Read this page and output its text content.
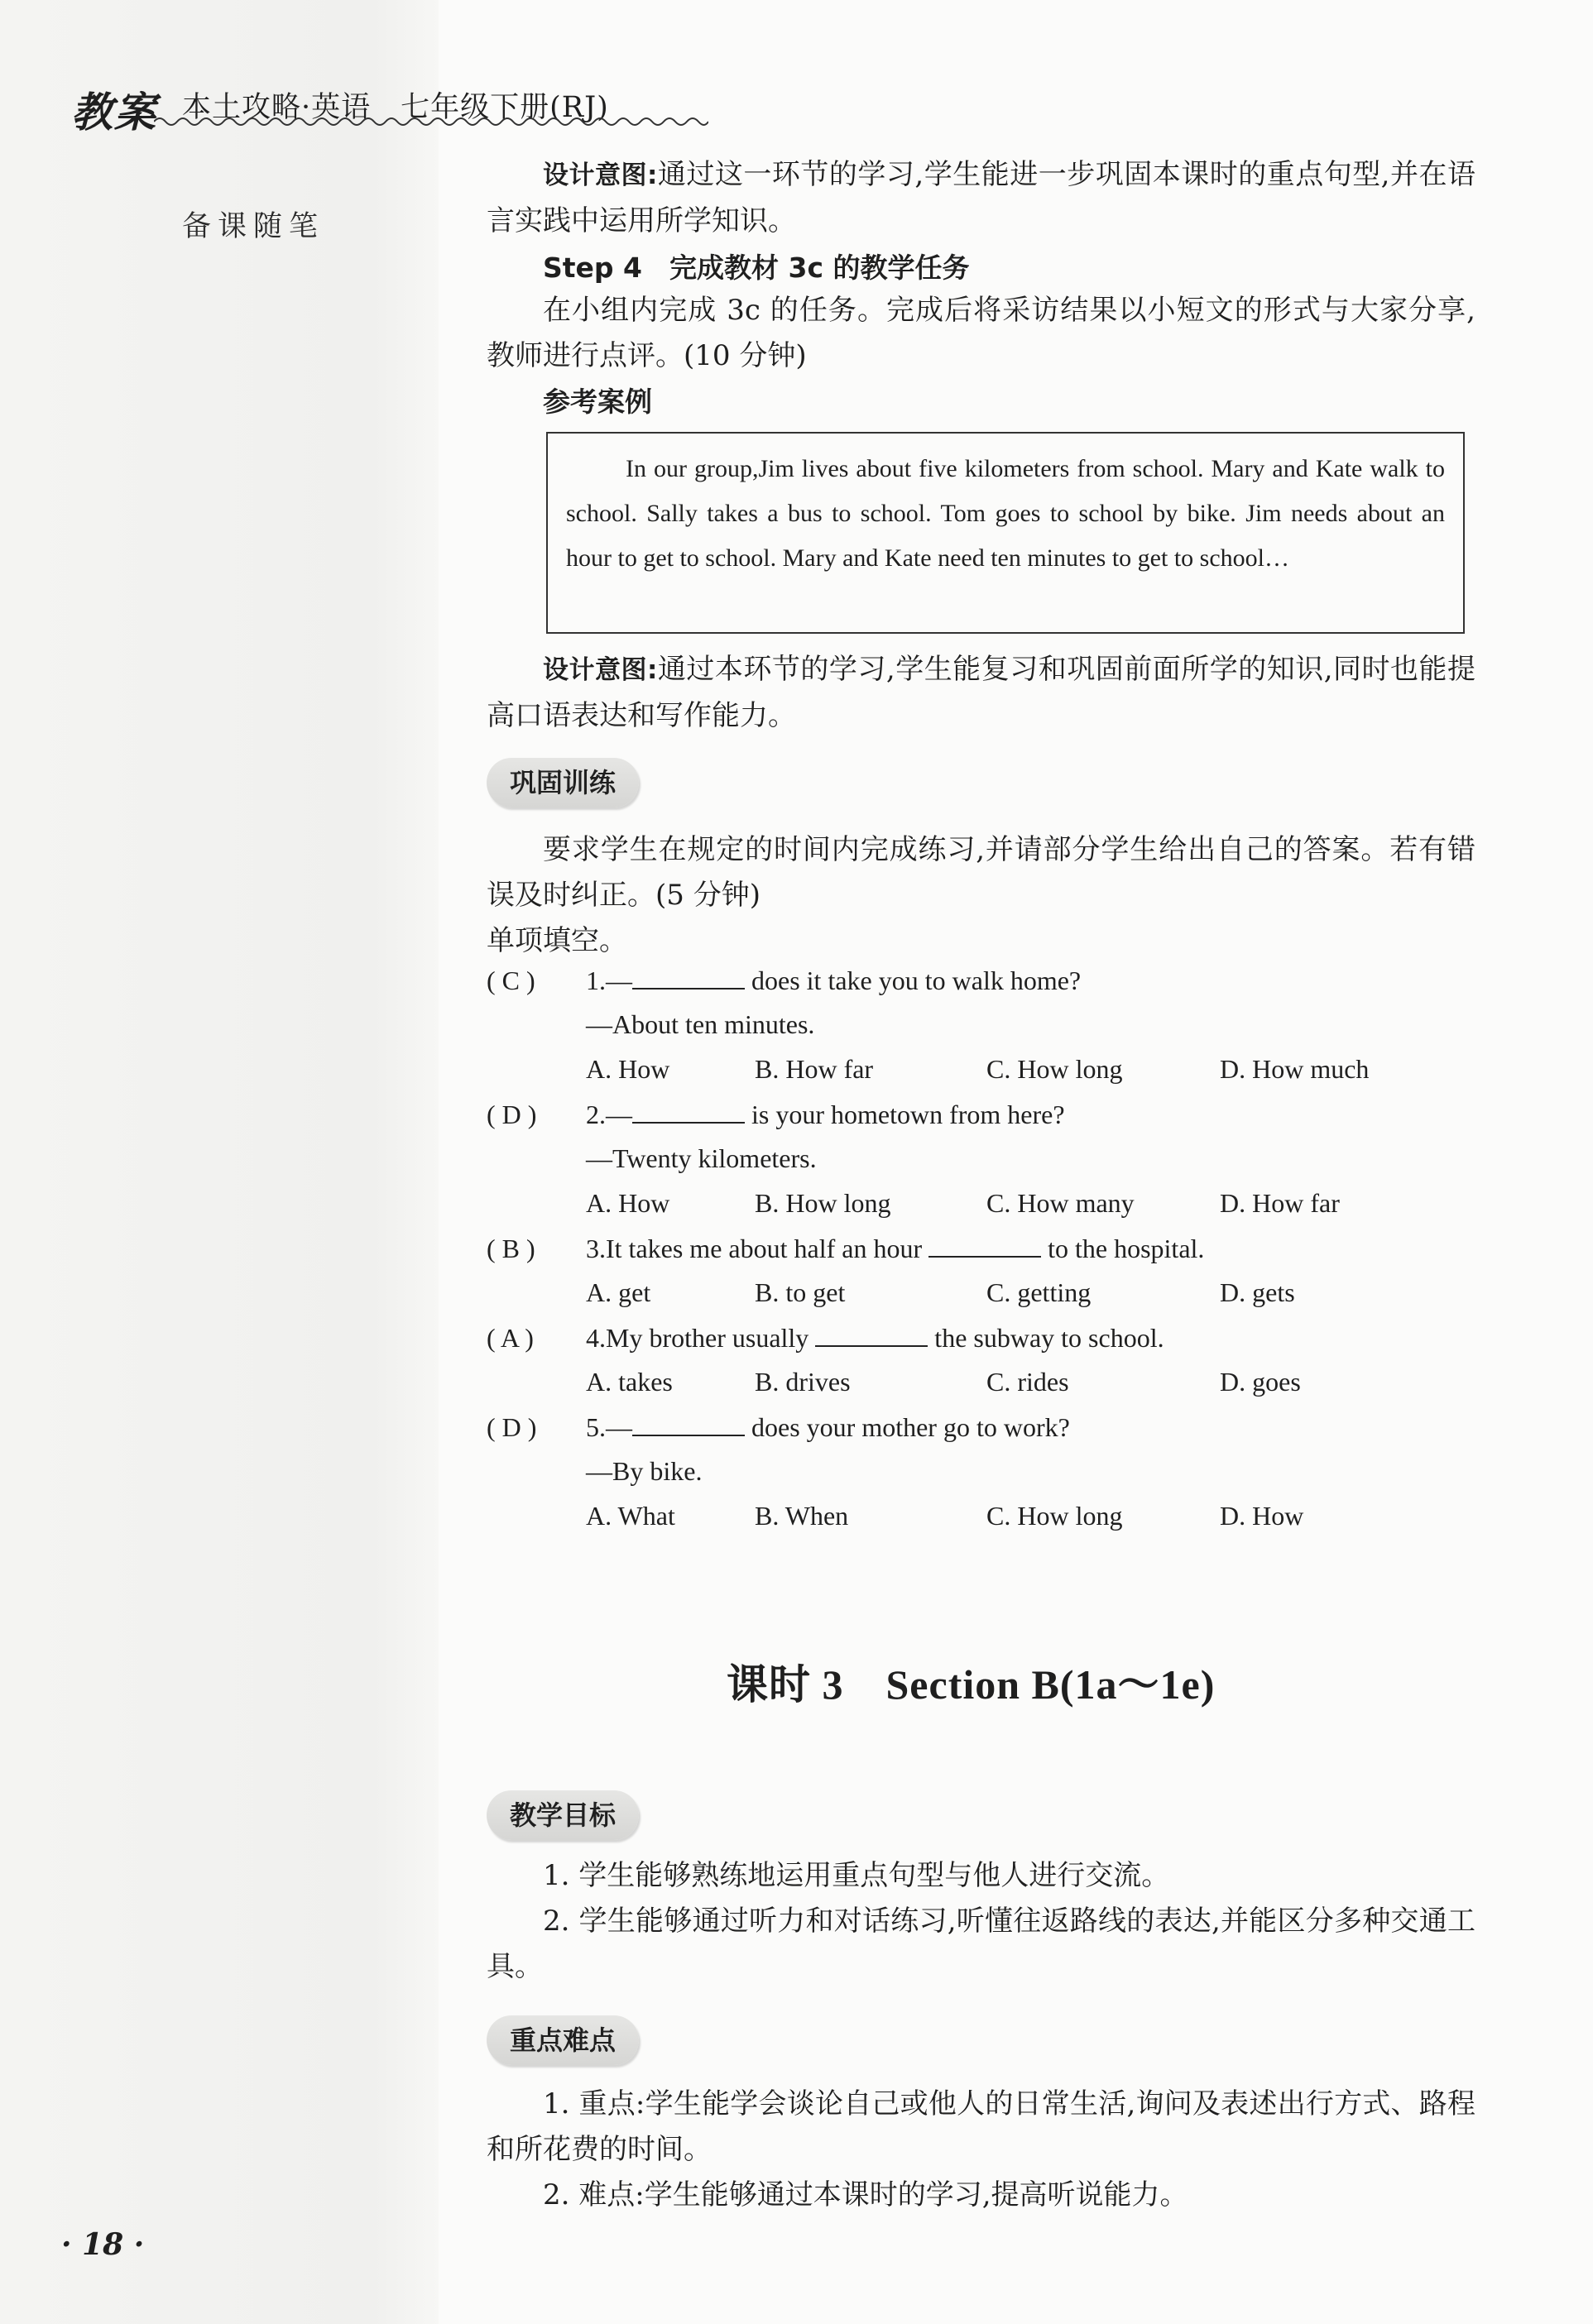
教案 本土攻略·英语　七年级下册(RJ)
备课随笔
设计意图:通过这一环节的学习,学生能进一步巩固本课时的重点句型,并在语言实践中运用所学知识。
Step 4　完成教材 3c 的教学任务
在小组内完成 3c 的任务。完成后将采访结果以小短文的形式与大家分享,教师进行点评。(10 分钟)
参考案例
In our group,Jim lives about five kilometers from school. Mary and Kate walk to school. Sally takes a bus to school. Tom goes to school by bike. Jim needs about an hour to get to school. Mary and Kate need ten minutes to get to school…
设计意图:通过本环节的学习,学生能复习和巩固前面所学的知识,同时也能提高口语表达和写作能力。
巩固训练
要求学生在规定的时间内完成练习,并请部分学生给出自己的答案。若有错误及时纠正。(5 分钟)
单项填空。
( C ) 1.—	does it take you to walk home?
—About ten minutes.
A. How	B. How far	C. How long	D. How much
( D ) 2.—	is your hometown from here?
—Twenty kilometers.
A. How	B. How long	C. How many	D. How far
( B ) 3.It takes me about half an hour	to the hospital.
A. get	B. to get	C. getting	D. gets
( A ) 4.My brother usually	the subway to school.
A. takes	B. drives	C. rides	D. goes
( D ) 5.—	does your mother go to work?
—By bike.
A. What	B. When	C. How long	D. How
课时 3　Section B(1a～1e)
教学目标
1. 学生能够熟练地运用重点句型与他人进行交流。
2. 学生能够通过听力和对话练习,听懂往返路线的表达,并能区分多种交通工具。
重点难点
1. 重点:学生能学会谈论自己或他人的日常生活,询问及表述出行方式、路程和所花费的时间。
2. 难点:学生能够通过本课时的学习,提高听说能力。
· 18 ·
